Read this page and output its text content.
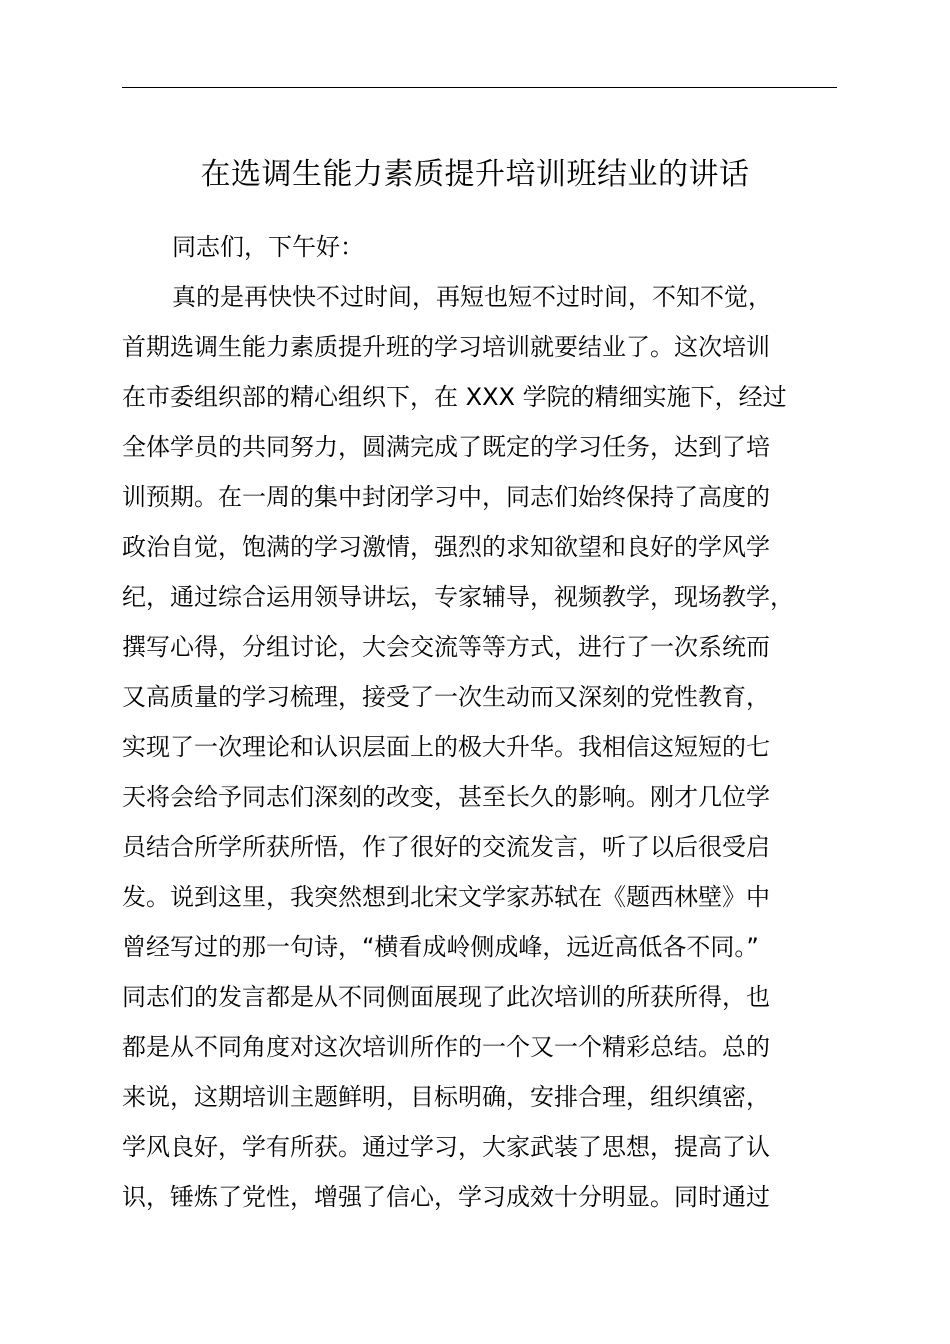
在选调生能力素质提升培训班结业的讲话

同志们，下午好：

真的是再快快不过时间，再短也短不过时间，不知不觉，

首期选调生能力素质提升班的学习培训就要结业了。这次培训

在市委组织部的精心组织下，在 XXX 学院的精细实施下，经过

全体学员的共同努力，圆满完成了既定的学习任务，达到了培

训预期。在一周的集中封闭学习中，同志们始终保持了高度的

政治自觉，饱满的学习激情，强烈的求知欲望和良好的学风学

纪，通过综合运用领导讲坛，专家辅导，视频教学，现场教学，

撰写心得，分组讨论，大会交流等等方式，进行了一次系统而

又高质量的学习梳理，接受了一次生动而又深刻的党性教育，

实现了一次理论和认识层面上的极大升华。我相信这短短的七

天将会给予同志们深刻的改变，甚至长久的影响。刚才几位学

员结合所学所获所悟，作了很好的交流发言，听了以后很受启

发。说到这里，我突然想到北宋文学家苏轼在《题西林壁》中

曾经写过的那一句诗，“横看成岭侧成峰，远近高低各不同。”

同志们的发言都是从不同侧面展现了此次培训的所获所得，也

都是从不同角度对这次培训所作的一个又一个精彩总结。总的

来说，这期培训主题鲜明，目标明确，安排合理，组织缜密，

学风良好，学有所获。通过学习，大家武装了思想，提高了认

识，锤炼了党性，增强了信心，学习成效十分明显。同时通过
